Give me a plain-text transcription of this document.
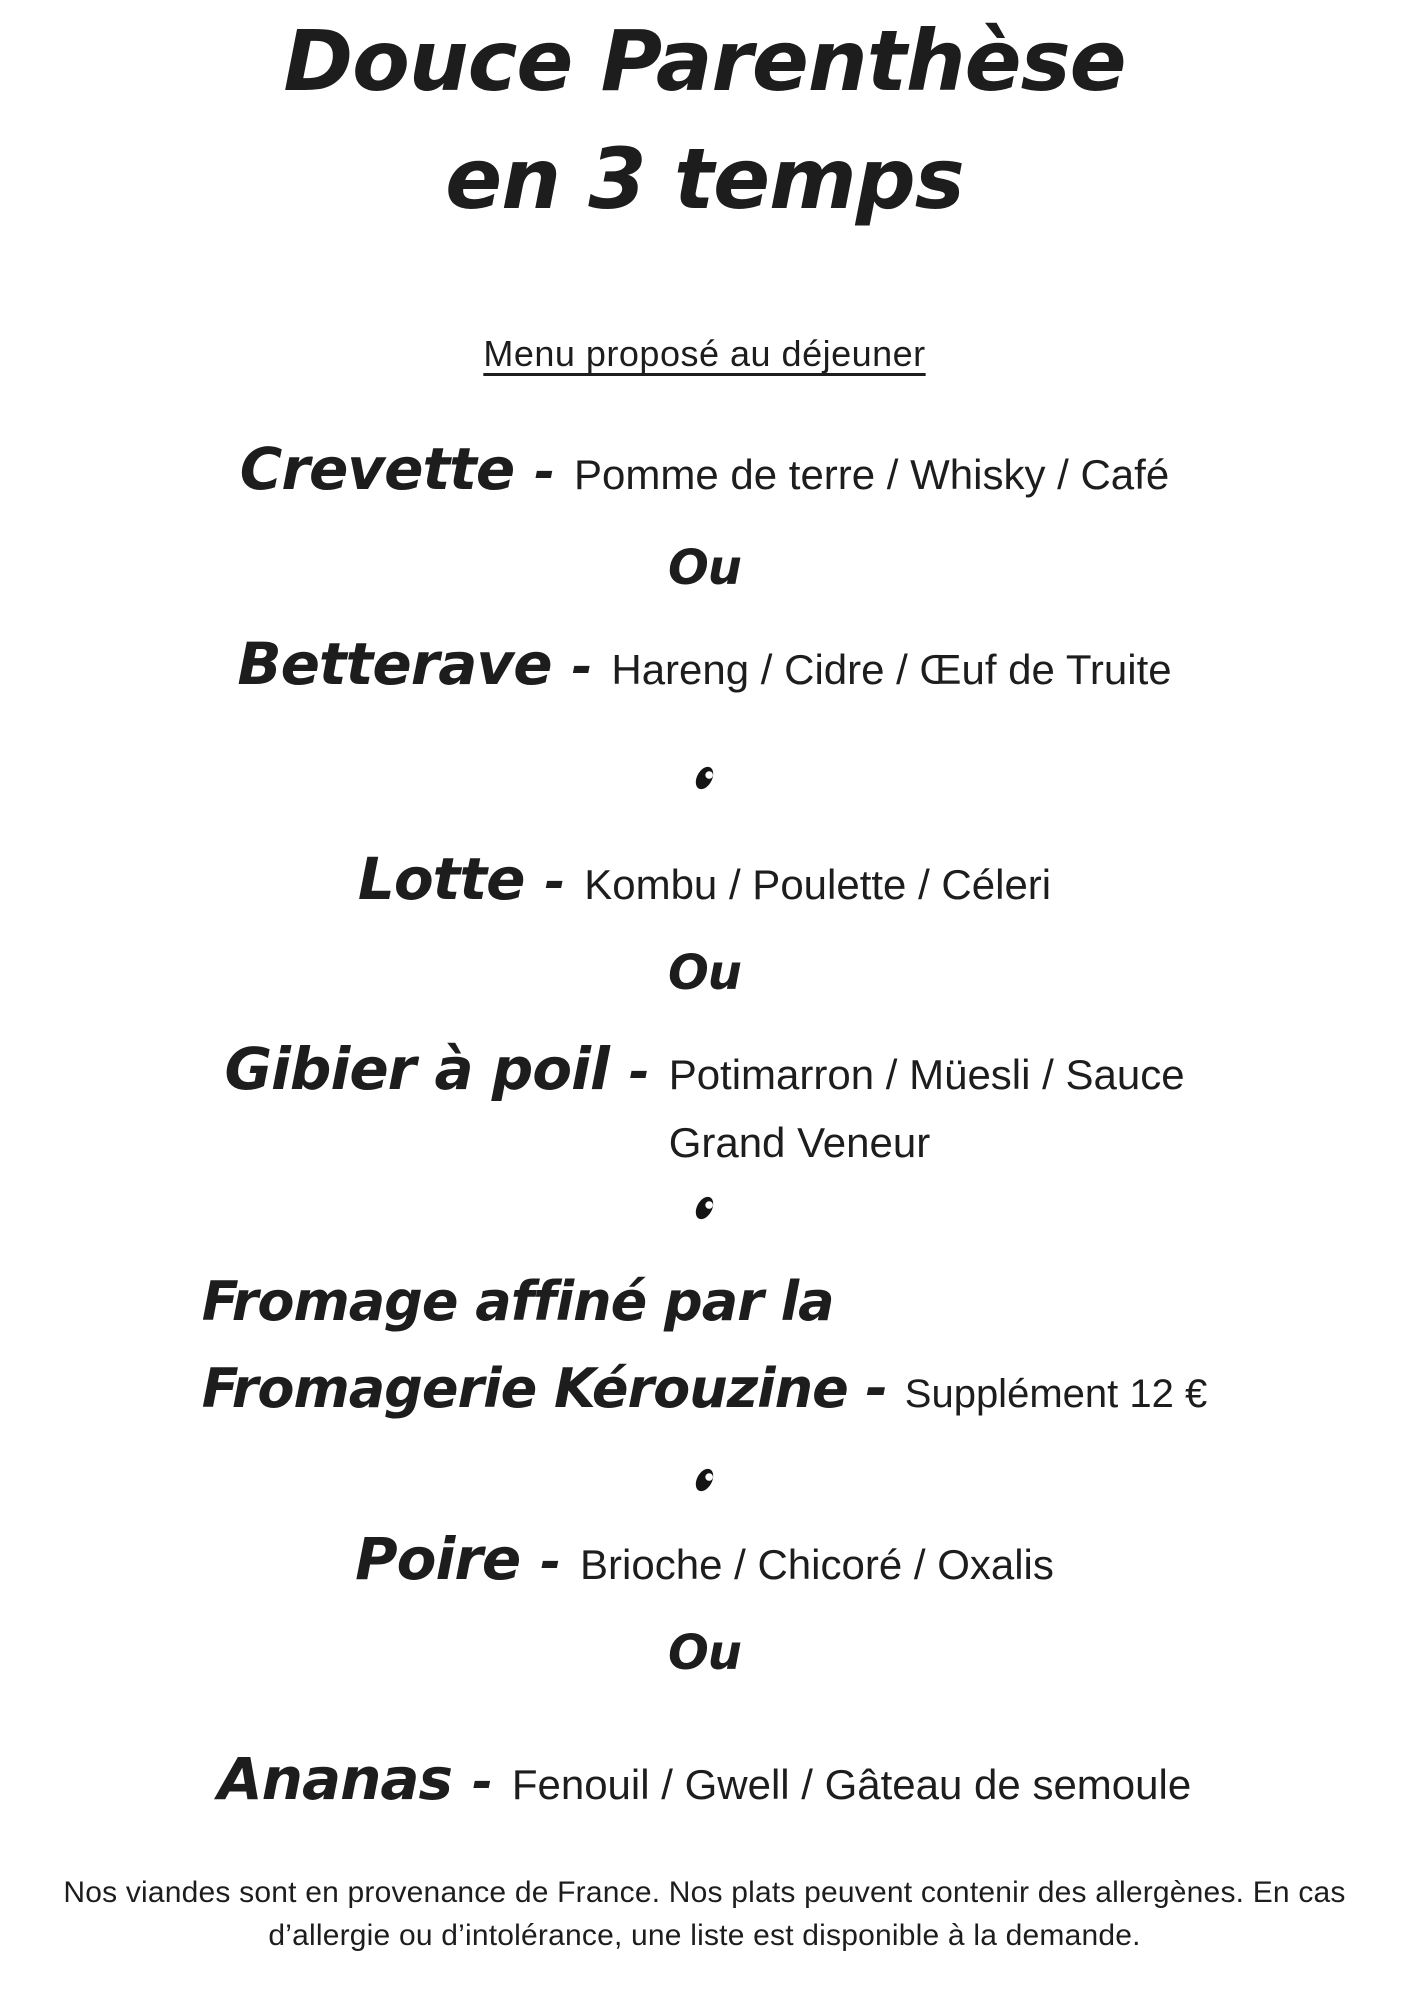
Douce Parenthèse
en 3 temps
Menu proposé au déjeuner
Crevette - Pomme de terre / Whisky / Café
Ou
Betterave - Hareng / Cidre / Œuf de Truite
Lotte - Kombu / Poulette / Céleri
Ou
Gibier à poil - Potimarron / Müesli / Sauce
Grand Veneur
Fromage affiné par la
Fromagerie Kérouzine - Supplément 12 €
Poire - Brioche / Chicoré / Oxalis
Ou
Ananas - Fenouil / Gwell / Gâteau de semoule
Nos viandes sont en provenance de France. Nos plats peuvent contenir des allergènes. En cas
d’allergie ou d’intolérance, une liste est disponible à la demande.
